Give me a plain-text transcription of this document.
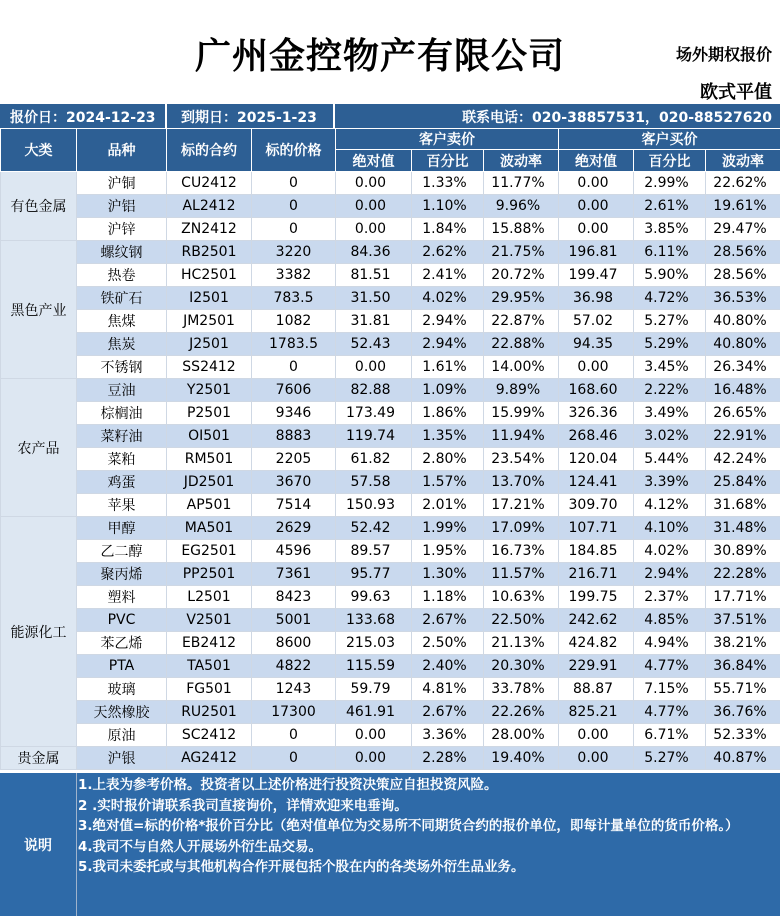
广州金控物产有限公司	场外期权报价
欧式平值
报价日：2024-12-23 到期日：2025-1-23	联系电话：020-38857531，020-88527620
大类	品种	标的合约	标的价格	客户卖价			客户买价		
				绝对值	百分比	波动率	绝对值	百分比	波动率
有色金属	沪铜	CU2412	0	0.00	1.33%	11.77%	0.00	2.99%	22.62%
	沪铝	AL2412	0	0.00	1.10%	9.96%	0.00	2.61%	19.61%
	沪锌	ZN2412	0	0.00	1.84%	15.88%	0.00	3.85%	29.47%
黑色产业	螺纹钢	RB2501	3220	84.36	2.62%	21.75%	196.81	6.11%	28.56%
	热卷	HC2501	3382	81.51	2.41%	20.72%	199.47	5.90%	28.56%
	铁矿石	I2501	783.5	31.50	4.02%	29.95%	36.98	4.72%	36.53%
	焦煤	JM2501	1082	31.81	2.94%	22.87%	57.02	5.27%	40.80%
	焦炭	J2501	1783.5	52.43	2.94%	22.88%	94.35	5.29%	40.80%
	不锈钢	SS2412	0	0.00	1.61%	14.00%	0.00	3.45%	26.34%
农产品	豆油	Y2501	7606	82.88	1.09%	9.89%	168.60	2.22%	16.48%
	棕榈油	P2501	9346	173.49	1.86%	15.99%	326.36	3.49%	26.65%
	菜籽油	OI501	8883	119.74	1.35%	11.94%	268.46	3.02%	22.91%
	菜粕	RM501	2205	61.82	2.80%	23.54%	120.04	5.44%	42.24%
	鸡蛋	JD2501	3670	57.58	1.57%	13.70%	124.41	3.39%	25.84%
	苹果	AP501	7514	150.93	2.01%	17.21%	309.70	4.12%	31.68%
能源化工	甲醇	MA501	2629	52.42	1.99%	17.09%	107.71	4.10%	31.48%
	乙二醇	EG2501	4596	89.57	1.95%	16.73%	184.85	4.02%	30.89%
	聚丙烯	PP2501	7361	95.77	1.30%	11.57%	216.71	2.94%	22.28%
	塑料	L2501	8423	99.63	1.18%	10.63%	199.75	2.37%	17.71%
	PVC	V2501	5001	133.68	2.67%	22.50%	242.62	4.85%	37.51%
	苯乙烯	EB2412	8600	215.03	2.50%	21.13%	424.82	4.94%	38.21%
	PTA	TA501	4822	115.59	2.40%	20.30%	229.91	4.77%	36.84%
	玻璃	FG501	1243	59.79	4.81%	33.78%	88.87	7.15%	55.71%
	天然橡胶	RU2501	17300	461.91	2.67%	22.26%	825.21	4.77%	36.76%
	原油	SC2412	0	0.00	3.36%	28.00%	0.00	6.71%	52.33%
贵金属	沪银	AG2412	0	0.00	2.28%	19.40%	0.00	5.27%	40.87%
说明
1.上表为参考价格。投资者以上述价格进行投资决策应自担投资风险。
2 .实时报价请联系我司直接询价，详情欢迎来电垂询。
3.绝对值=标的价格*报价百分比（绝对值单位为交易所不同期货合约的报价单位，即每计量单位的货币价格。）
4.我司不与自然人开展场外衍生品交易。
5.我司未委托或与其他机构合作开展包括个股在内的各类场外衍生品业务。
